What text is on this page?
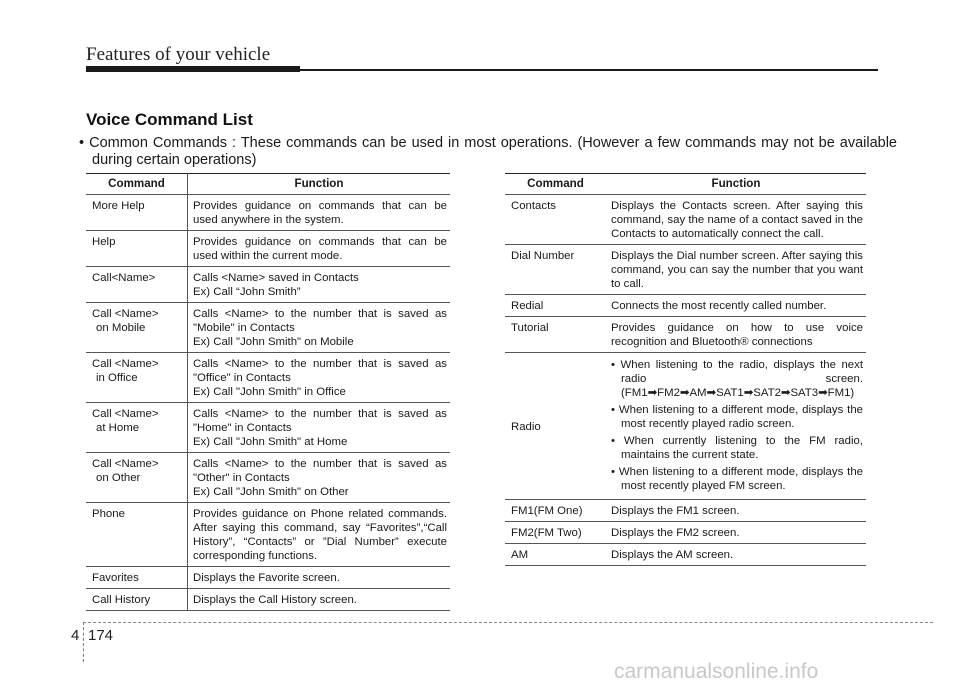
Features of your vehicle
Voice Command List
• Common Commands : These commands can be used in most operations. (However a few commands may not be available during certain operations)
Command	Function

More Help	Provides guidance on commands that can be used anywhere in the system.

Help	Provides guidance on commands that can be used within the current mode.

Call<Name>	Calls <Name> saved in Contacts
Ex) Call “John Smith”

Call <Name>
on Mobile	Calls <Name> to the number that is saved as "Mobile" in Contacts
Ex) Call "John Smith" on Mobile

Call <Name>
in Office	Calls <Name> to the number that is saved as "Office" in Contacts
Ex) Call "John Smith" in Office

Call <Name>
at Home	Calls <Name> to the number that is saved as "Home" in Contacts
Ex) Call "John Smith" at Home

Call <Name>
on Other	Calls <Name> to the number that is saved as "Other" in Contacts
Ex) Call "John Smith" on Other

Phone	Provides guidance on Phone related commands. After saying this command, say “Favorites”,“Call History”, “Contacts” or ”Dial Number” execute corresponding functions.

Favorites	Displays the Favorite screen.

Call History	Displays the Call History screen.
Command	Function

Contacts	Displays the Contacts screen. After saying this command, say the name of a contact saved in the Contacts to automatically connect the call.

Dial Number	Displays the Dial number screen. After saying this command, you can say the number that you want to call.

Redial	Connects the most recently called number.

Tutorial	Provides guidance on how to use voice recognition and Bluetooth® connections

Radio	• When listening to the radio, displays the next radio screen. (FM1➡FM2➡AM➡SAT1➡SAT2➡SAT3➡FM1)
• When listening to a different mode, displays the most recently played radio screen.
• When currently listening to the FM radio, maintains the current state.
• When listening to a different mode, displays the most recently played FM screen.

FM1(FM One)	Displays the FM1 screen.

FM2(FM Two)	Displays the FM2 screen.

AM	Displays the AM screen.
4 174
carmanualsonline.info
